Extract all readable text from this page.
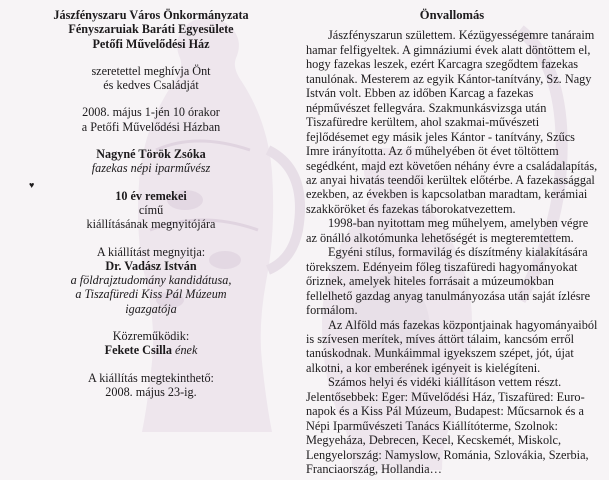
Jászfényszaru Város Önkormányzata
Fényszaruiak Baráti Egyesülete
Petőfi Művelődési Ház
szeretettel meghívja Önt
és kedves Családját
2008. május 1-jén 10 órakor
a Petőfi Művelődési Házban
Nagyné Török Zsóka
fazekas népi iparművész
♥
10 év remekei
című
kiállításának megnyitójára
A kiállítást megnyitja:
Dr. Vadász István
a földrajztudomány kandidátusa,
a Tiszafüredi Kiss Pál Múzeum
igazgatója
Közreműködik:
Fekete Csilla ének
A kiállítás megtekinthető:
2008. május 23-ig.
Önvallomás

Jászfényszarun születtem. Kézügyességemre tanáraim hamar felfigyeltek. A gimnáziumi évek alatt döntöttem el, hogy fazekas leszek, ezért Karcagra szegődtem fazekas tanulónak. Mesterem az egyik Kántor-tanítvány, Sz. Nagy István volt. Ebben az időben Karcag a fazekas népművészet fellegvára. Szakmunkásvizsga után Tiszafüredre kerültem, ahol szakmai-művészeti fejlődésemet egy másik jeles Kántor - tanítvány, Szűcs Imre irányította. Az ő műhelyében öt évet töltöttem segédként, majd ezt követően néhány évre a családalapítás, az anyai hivatás teendői kerültek előtérbe. A fazekassággal ezekben, az években is kapcsolatban maradtam, kerámiai szakköröket és fazekas táborokatvezettem.

1998-ban nyitottam meg műhelyem, amelyben végre az önálló alkotómunka lehetőségét is megteremtettem.

Egyéni stílus, formavilág és díszítmény kialakítására törekszem. Edényeim főleg tiszafüredi hagyományokat őriznek, amelyek hiteles forrásait a múzeumokban fellelhető gazdag anyag tanulmányozása után saját ízlésre formálom.

Az Alföld más fazekas központjainak hagyományaiból is szívesen merítek, míves áttört tálaim, kancsóm erről tanúskodnak. Munkáimmal igyekszem szépet, jót, újat alkotni, a kor emberének igényeit is kielégíteni.

Számos helyi és vidéki kiállításon vettem részt. Jelentősebbek: Eger: Művelődési Ház, Tiszafüred: Euro-napok és a Kiss Pál Múzeum, Budapest: Műcsarnok és a Népi Iparművészeti Tanács Kiállítóterme, Szolnok: Megyeháza, Debrecen, Kecel, Kecskemét, Miskolc, Lengyelország: Namyslow, Románia, Szlovákia, Szerbia, Franciaország, Hollandia…
